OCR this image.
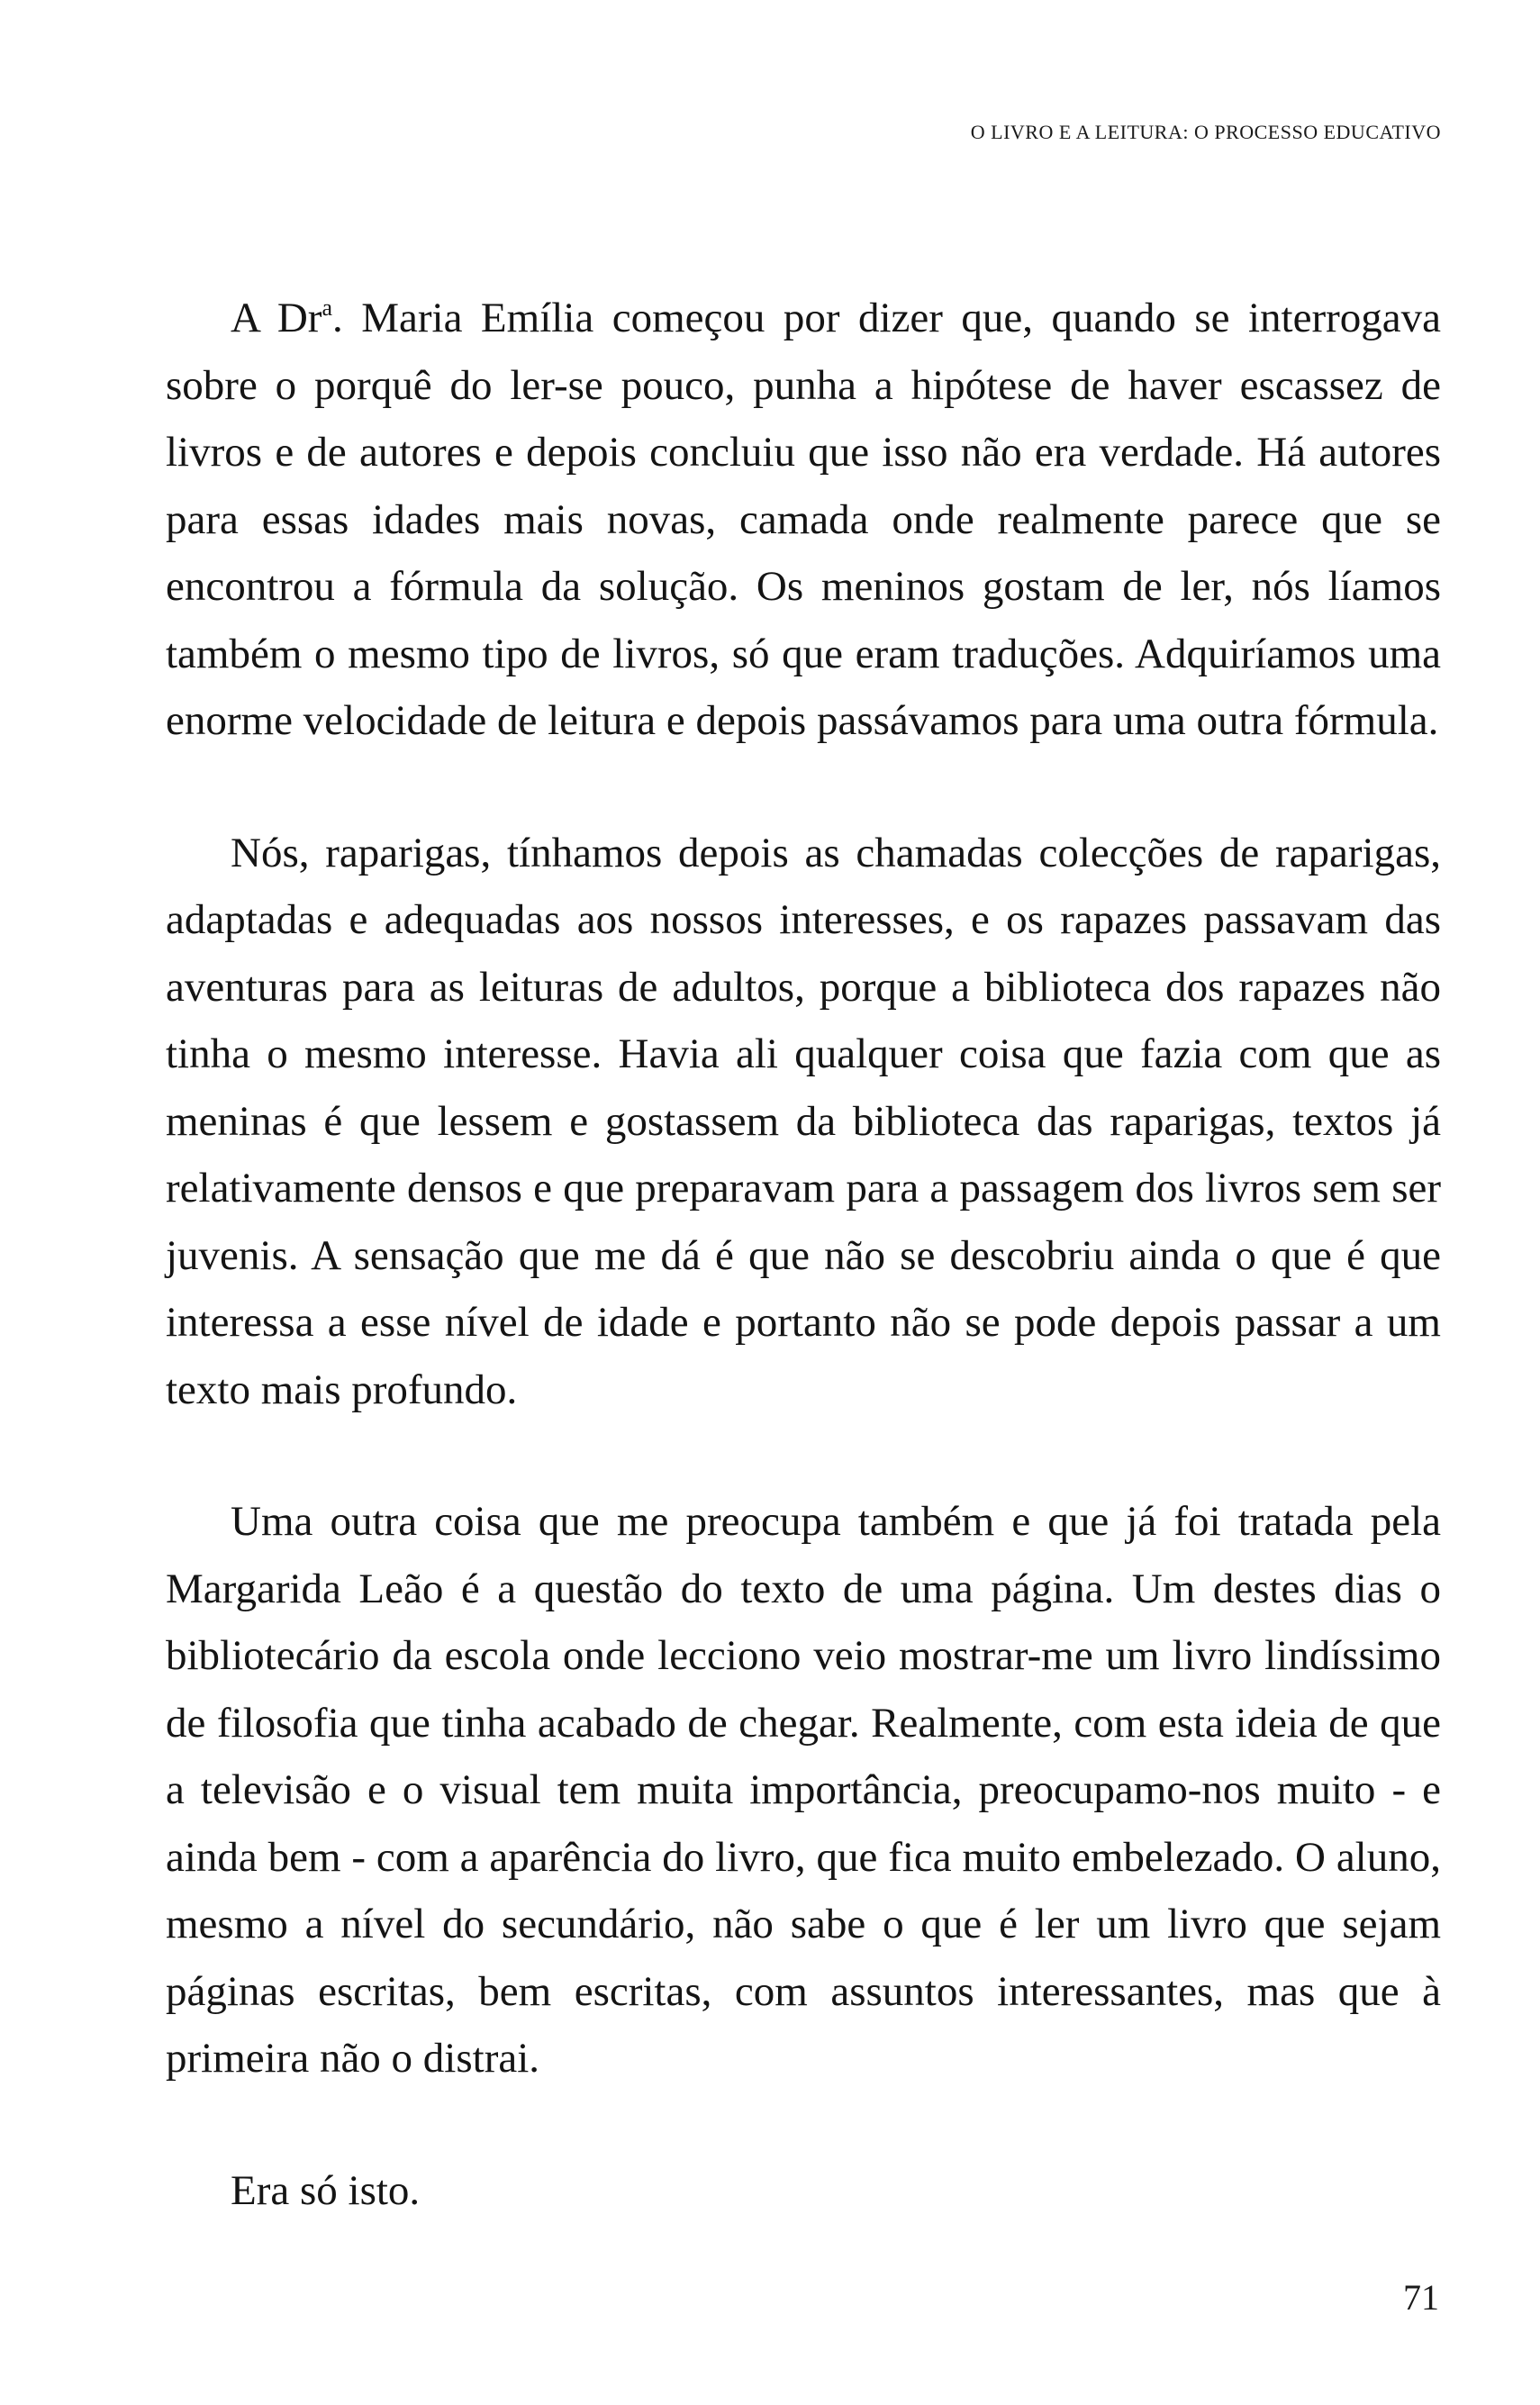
O LIVRO E A LEITURA: O PROCESSO EDUCATIVO

A Dr$^a$. Maria Emília começou por dizer que, quando se interrogava sobre o porquê do ler-se pouco, punha a hipótese de haver escassez de livros e de autores e depois concluiu que isso não era verdade. Há autores para essas idades mais novas, camada onde realmente parece que se encontrou a fórmula da solução. Os meninos gostam de ler, nós líamos também o mesmo tipo de livros, só que eram traduções. Adquiríamos uma enorme velocidade de leitura e depois passávamos para uma outra fórmula.

Nós, raparigas, tínhamos depois as chamadas colecções de raparigas, adaptadas e adequadas aos nossos interesses, e os rapazes passavam das aventuras para as leituras de adultos, porque a biblioteca dos rapazes não tinha o mesmo interesse. Havia ali qualquer coisa que fazia com que as meninas é que lessem e gostassem da biblioteca das raparigas, textos já relativamente densos e que preparavam para a passagem dos livros sem ser juvenis. A sensação que me dá é que não se descobriu ainda o que é que interessa a esse nível de idade e portanto não se pode depois passar a um texto mais profundo.

Uma outra coisa que me preocupa também e que já foi tratada pela Margarida Leão é a questão do texto de uma página. Um destes dias o bibliotecário da escola onde lecciono veio mostrar-me um livro lindíssimo de filosofia que tinha acabado de chegar. Realmente, com esta ideia de que a televisão e o visual tem muita importância, preocupamo-nos muito - e ainda bem - com a aparência do livro, que fica muito embelezado. O aluno, mesmo a nível do secundário, não sabe o que é ler um livro que sejam páginas escritas, bem escritas, com assuntos interessantes, mas que à primeira não o distrai.

Era só isto.

71
